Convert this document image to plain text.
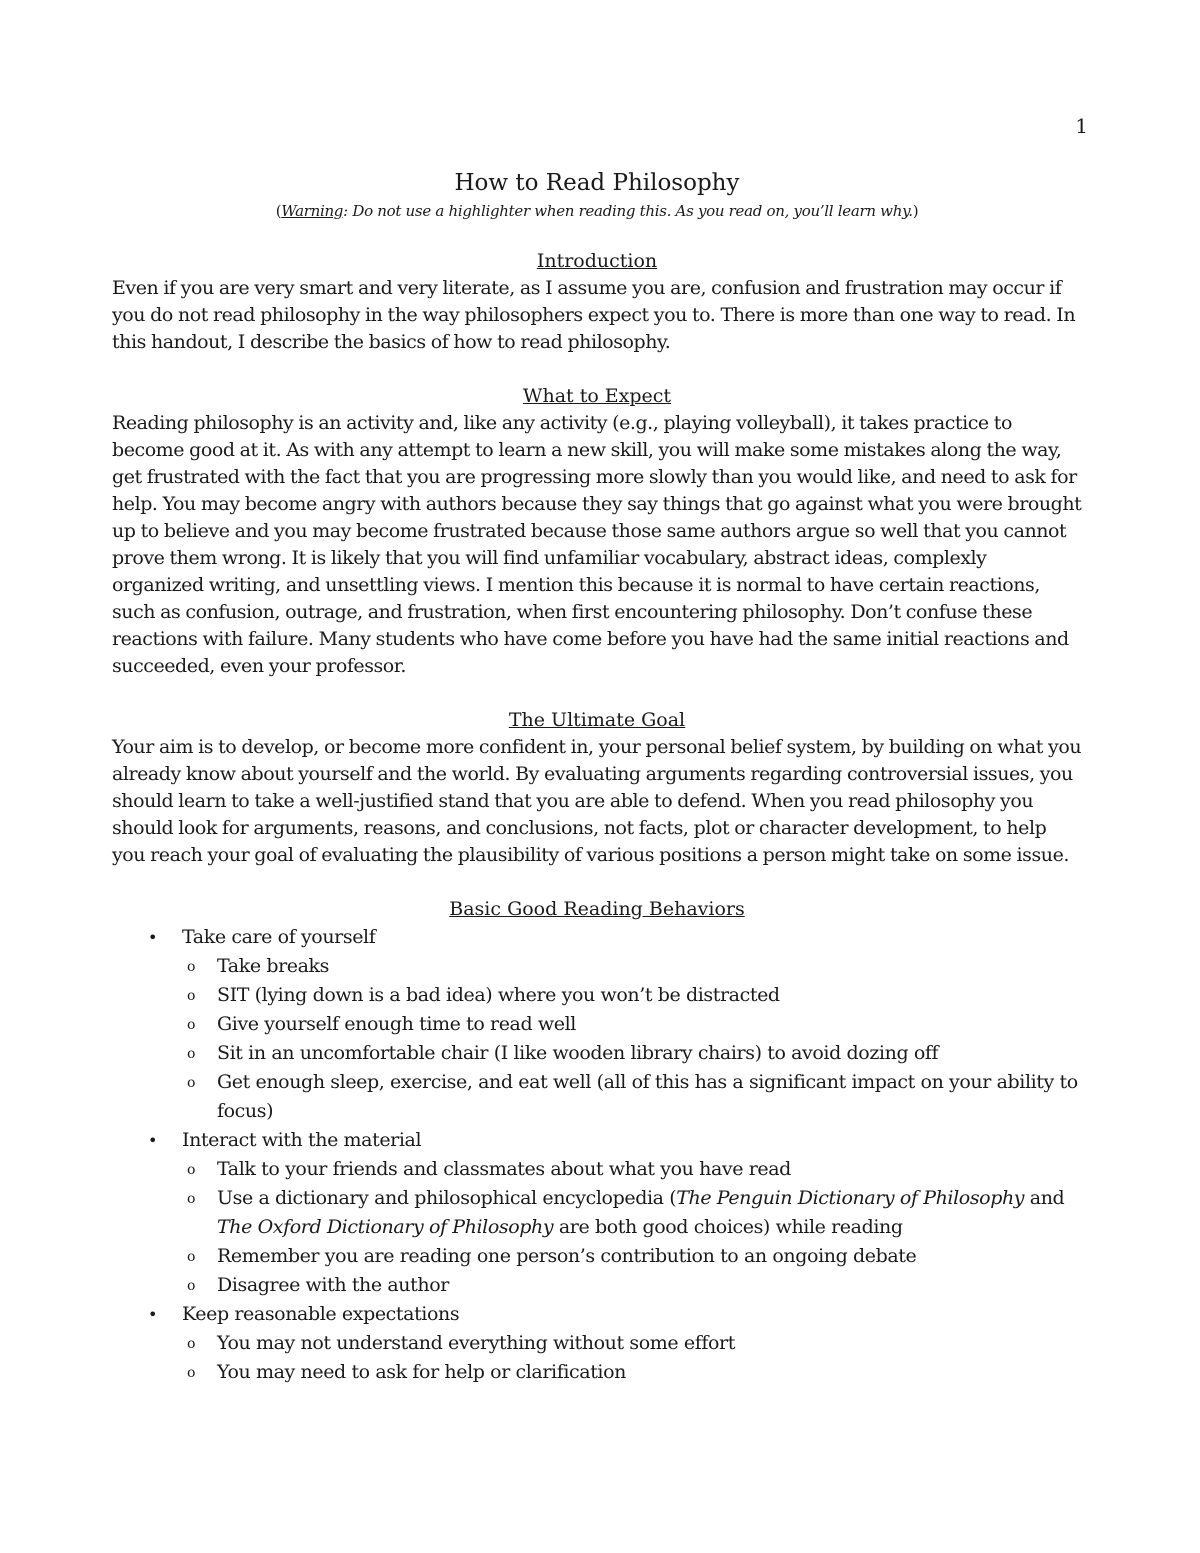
1
How to Read Philosophy

(Warning: Do not use a highlighter when reading this. As you read on, you’ll learn why.)

Introduction

Even if you are very smart and very literate, as I assume you are, confusion and frustration may occur if you do not read philosophy in the way philosophers expect you to. There is more than one way to read. In this handout, I describe the basics of how to read philosophy.

What to Expect

Reading philosophy is an activity and, like any activity (e.g., playing volleyball), it takes practice to become good at it. As with any attempt to learn a new skill, you will make some mistakes along the way, get frustrated with the fact that you are progressing more slowly than you would like, and need to ask for help. You may become angry with authors because they say things that go against what you were brought up to believe and you may become frustrated because those same authors argue so well that you cannot prove them wrong. It is likely that you will find unfamiliar vocabulary, abstract ideas, complexly organized writing, and unsettling views. I mention this because it is normal to have certain reactions, such as confusion, outrage, and frustration, when first encountering philosophy. Don’t confuse these reactions with failure. Many students who have come before you have had the same initial reactions and succeeded, even your professor.

The Ultimate Goal

Your aim is to develop, or become more confident in, your personal belief system, by building on what you already know about yourself and the world. By evaluating arguments regarding controversial issues, you should learn to take a well-justified stand that you are able to defend. When you read philosophy you should look for arguments, reasons, and conclusions, not facts, plot or character development, to help you reach your goal of evaluating the plausibility of various positions a person might take on some issue.

Basic Good Reading Behaviors
• Take care of yourself
o Take breaks
o SIT (lying down is a bad idea) where you won’t be distracted
o Give yourself enough time to read well
o Sit in an uncomfortable chair (I like wooden library chairs) to avoid dozing off
o Get enough sleep, exercise, and eat well (all of this has a significant impact on your ability to focus)
• Interact with the material
o Talk to your friends and classmates about what you have read
o Use a dictionary and philosophical encyclopedia (The Penguin Dictionary of Philosophy and The Oxford Dictionary of Philosophy are both good choices) while reading
o Remember you are reading one person’s contribution to an ongoing debate
o Disagree with the author
• Keep reasonable expectations
o You may not understand everything without some effort
o You may need to ask for help or clarification
